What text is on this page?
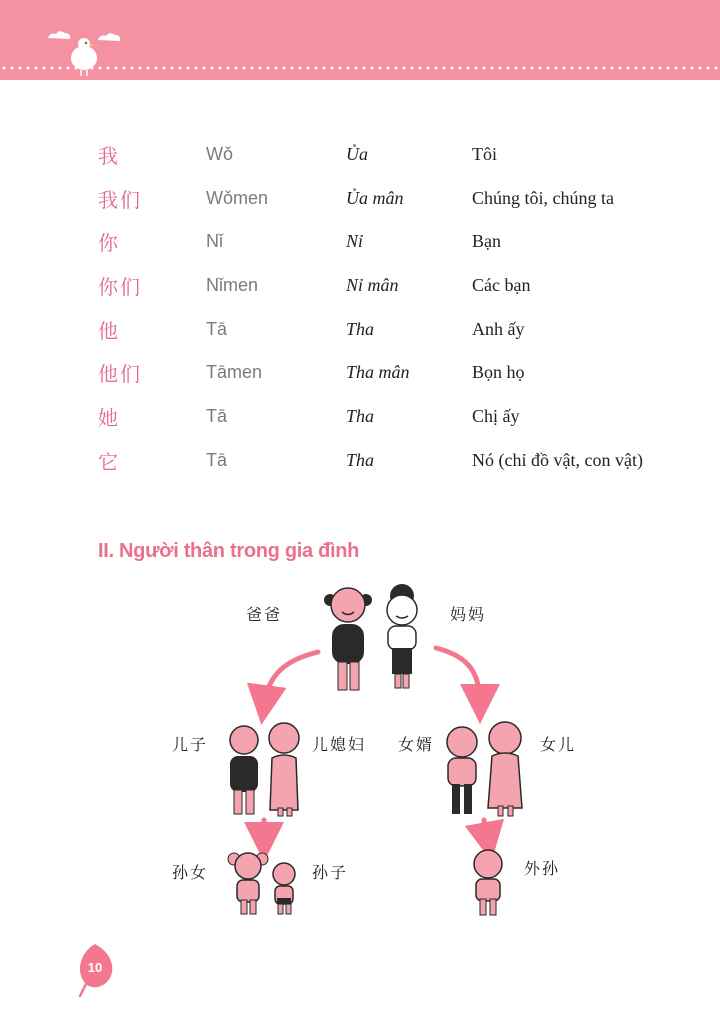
我	Wǒ	Ủa	Tôi
我们	Wǒmen	Ủa mân	Chúng tôi, chúng ta
你	Nǐ	Nỉ	Bạn
你们	Nǐmen	Nỉ mân	Các bạn
他	Tā	Tha	Anh ấy
他们	Tāmen	Tha mân	Bọn họ
她	Tā	Tha	Chị ấy
它	Tā	Tha	Nó (chỉ đồ vật, con vật)
II. Người thân trong gia đình
爸爸	妈妈
儿子	儿媳妇 女婿	女儿
孙女	孙子	外孙
10
